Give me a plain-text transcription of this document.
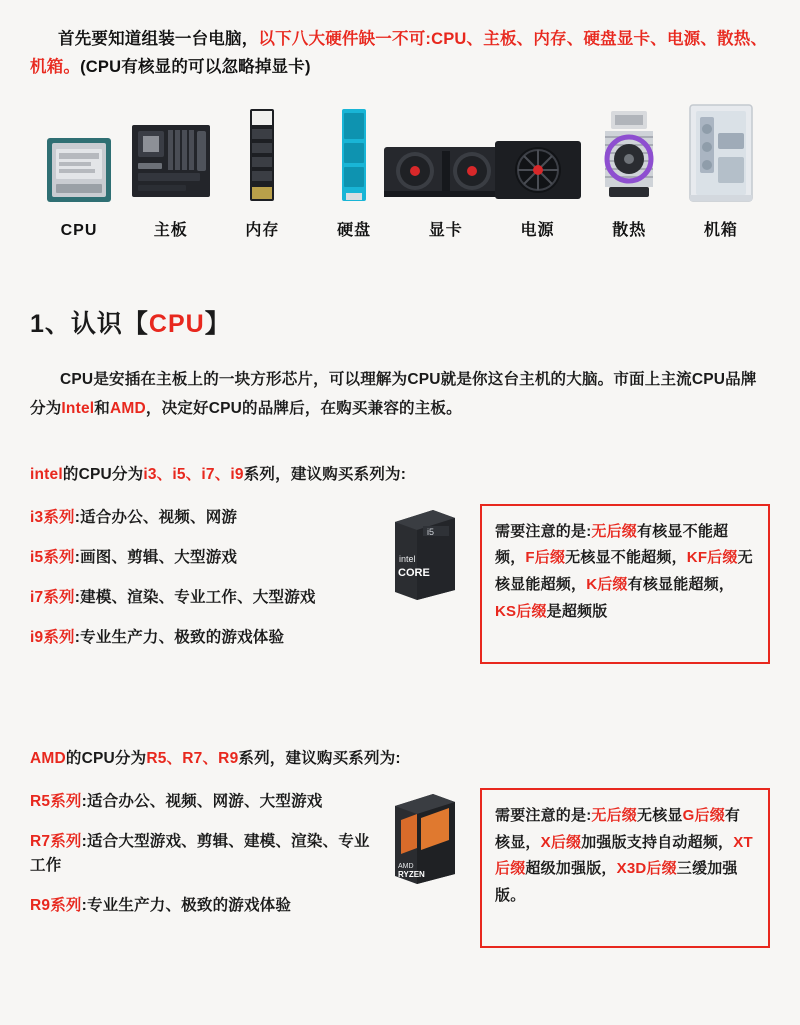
首先要知道组装一台电脑，以下八大硬件缺一不可:CPU、主板、内存、硬盘显卡、电源、散热、机箱。(CPU有核显的可以忽略掉显卡)

CPU	主板	内存	硬盘	显卡	电源	散热	机箱
1、认识【CPU】

CPU是安插在主板上的一块方形芯片，可以理解为CPU就是你这台主机的大脑。市面上主流CPU品牌分为Intel和AMD，决定好CPU的品牌后，在购买兼容的主板。

intel的CPU分为i3、i5、i7、i9系列，建议购买系列为:

i3系列:适合办公、视频、网游
i5系列:画图、剪辑、大型游戏
i7系列:建模、渲染、专业工作、大型游戏
i9系列:专业生产力、极致的游戏体验
i5
intel
CORE
需要注意的是:无后缀有核显不能超频，F后缀无核显不能超频，KF后缀无核显能超频，K后缀有核显能超频，KS后缀是超频版

AMD的CPU分为R5、R7、R9系列，建议购买系列为:

R5系列:适合办公、视频、网游、大型游戏
R7系列:适合大型游戏、剪辑、建模、渲染、专业工作
R9系列:专业生产力、极致的游戏体验
AMD
RYZEN
需要注意的是:无后缀无核显G后缀有核显，X后缀加强版支持自动超频，XT后缀超级加强版，X3D后缀三缓加强版。
